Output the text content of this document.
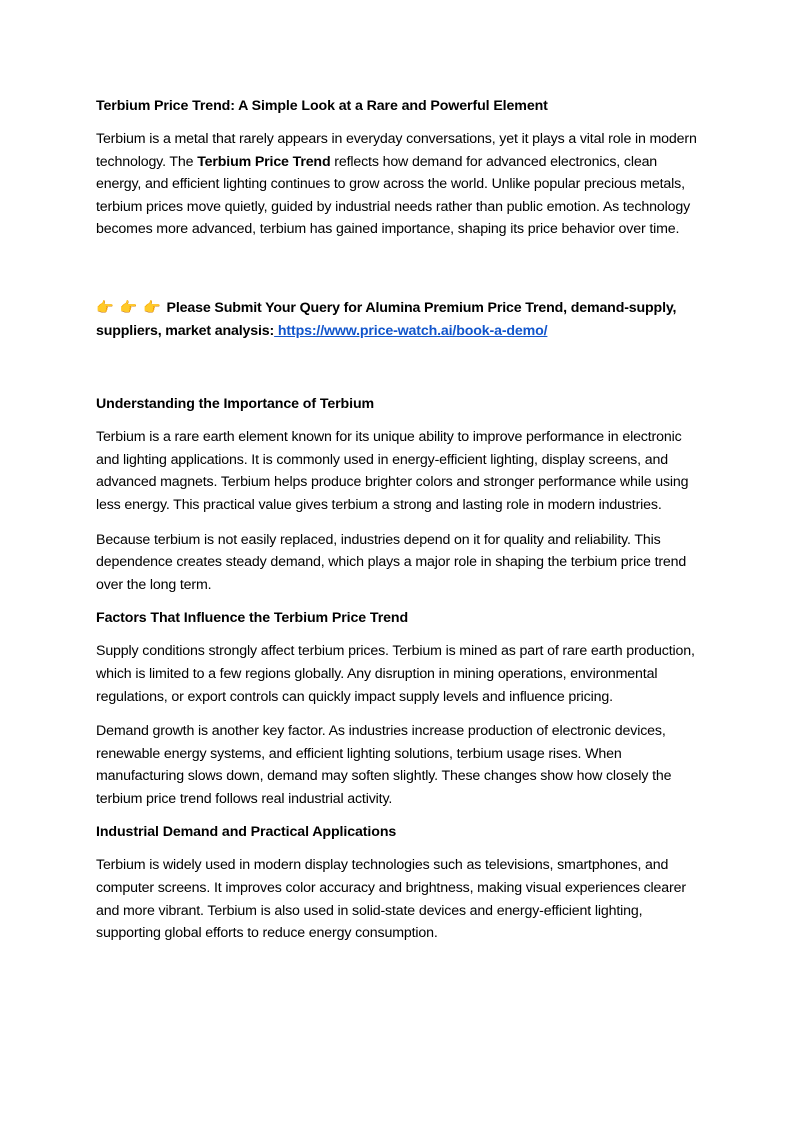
Terbium Price Trend: A Simple Look at a Rare and Powerful Element

Terbium is a metal that rarely appears in everyday conversations, yet it plays a vital role in modern technology. The Terbium Price Trend reflects how demand for advanced electronics, clean energy, and efficient lighting continues to grow across the world. Unlike popular precious metals, terbium prices move quietly, guided by industrial needs rather than public emotion. As technology becomes more advanced, terbium has gained importance, shaping its price behavior over time.

👉 👉 👉 Please Submit Your Query for Alumina Premium Price Trend, demand-supply, suppliers, market analysis: https://www.price-watch.ai/book-a-demo/

Understanding the Importance of Terbium

Terbium is a rare earth element known for its unique ability to improve performance in electronic and lighting applications. It is commonly used in energy-efficient lighting, display screens, and advanced magnets. Terbium helps produce brighter colors and stronger performance while using less energy. This practical value gives terbium a strong and lasting role in modern industries.

Because terbium is not easily replaced, industries depend on it for quality and reliability. This dependence creates steady demand, which plays a major role in shaping the terbium price trend over the long term.

Factors That Influence the Terbium Price Trend

Supply conditions strongly affect terbium prices. Terbium is mined as part of rare earth production, which is limited to a few regions globally. Any disruption in mining operations, environmental regulations, or export controls can quickly impact supply levels and influence pricing.

Demand growth is another key factor. As industries increase production of electronic devices, renewable energy systems, and efficient lighting solutions, terbium usage rises. When manufacturing slows down, demand may soften slightly. These changes show how closely the terbium price trend follows real industrial activity.

Industrial Demand and Practical Applications

Terbium is widely used in modern display technologies such as televisions, smartphones, and computer screens. It improves color accuracy and brightness, making visual experiences clearer and more vibrant. Terbium is also used in solid-state devices and energy-efficient lighting, supporting global efforts to reduce energy consumption.
